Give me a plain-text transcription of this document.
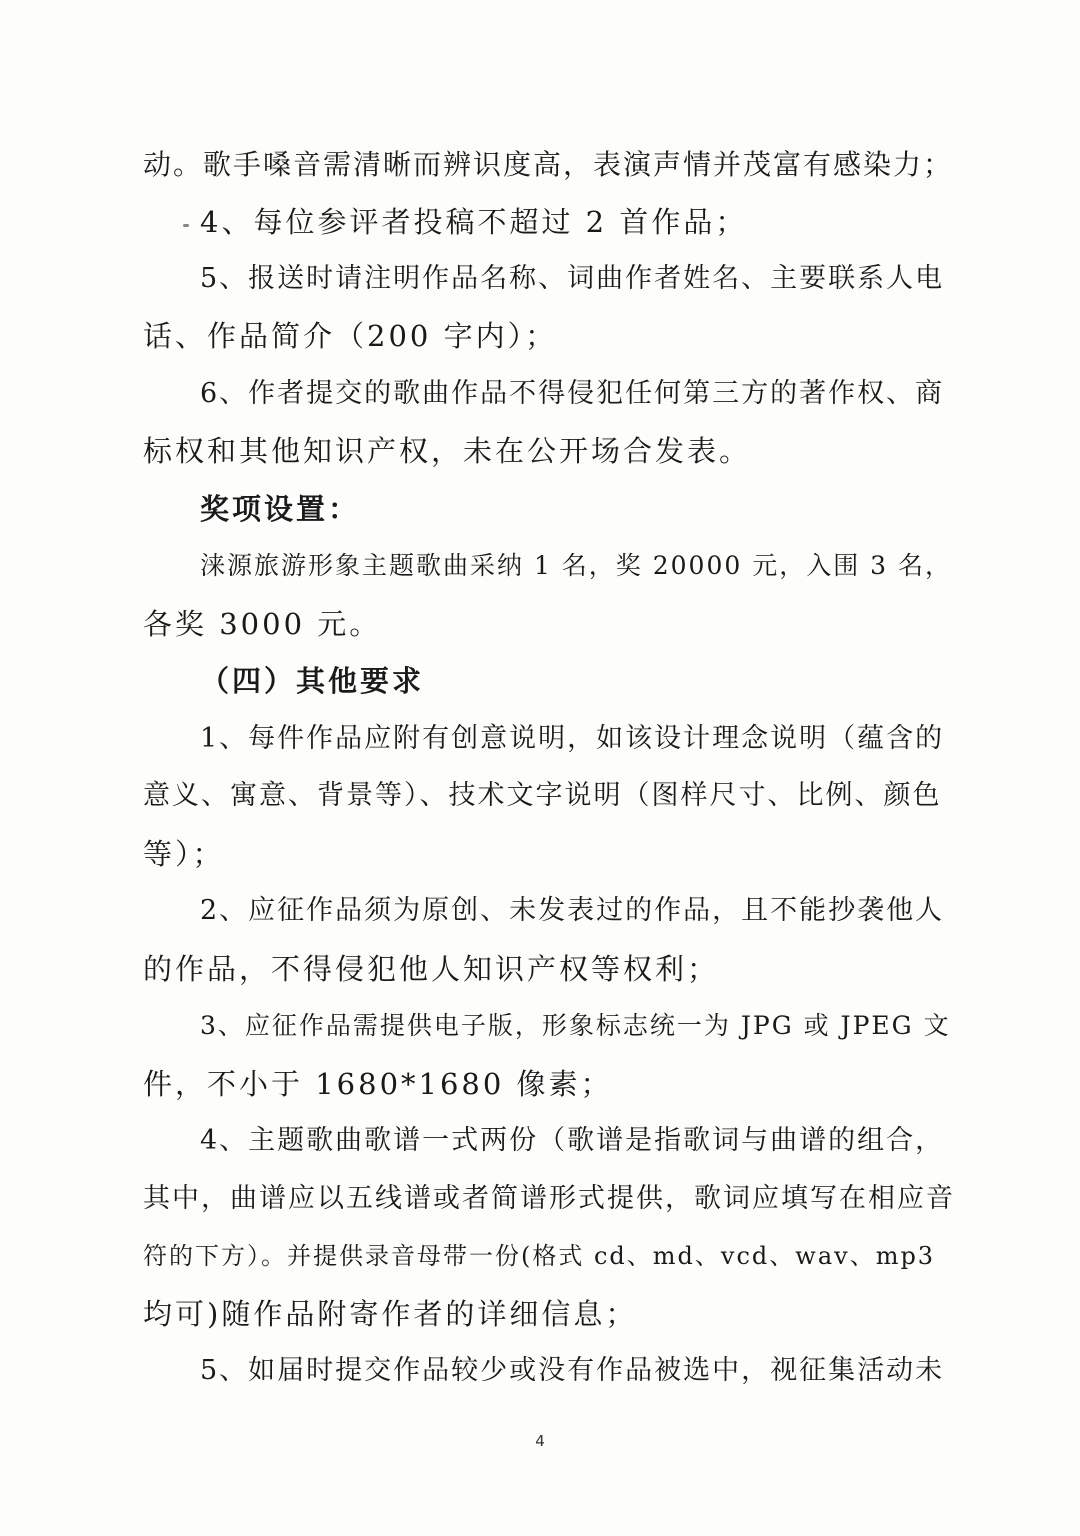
动。歌手嗓音需清晰而辨识度高，表演声情并茂富有感染力；
4、每位参评者投稿不超过 2 首作品；
5、报送时请注明作品名称、词曲作者姓名、主要联系人电
话、作品简介（200 字内）；
6、作者提交的歌曲作品不得侵犯任何第三方的著作权、商
标权和其他知识产权，未在公开场合发表。
奖项设置：
涞源旅游形象主题歌曲采纳 1 名，奖 20000 元，入围 3 名，
各奖 3000 元。
（四）其他要求
1、每件作品应附有创意说明，如该设计理念说明（蕴含的
意义、寓意、背景等）、技术文字说明（图样尺寸、比例、颜色
等）；
2、应征作品须为原创、未发表过的作品，且不能抄袭他人
的作品，不得侵犯他人知识产权等权利；
3、应征作品需提供电子版，形象标志统一为 JPG 或 JPEG 文
件，不小于 1680*1680 像素；
4、主题歌曲歌谱一式两份（歌谱是指歌词与曲谱的组合，
其中，曲谱应以五线谱或者简谱形式提供，歌词应填写在相应音
符的下方）。并提供录音母带一份(格式 cd、md、vcd、wav、mp3
均可)随作品附寄作者的详细信息；
5、如届时提交作品较少或没有作品被选中，视征集活动未
4
